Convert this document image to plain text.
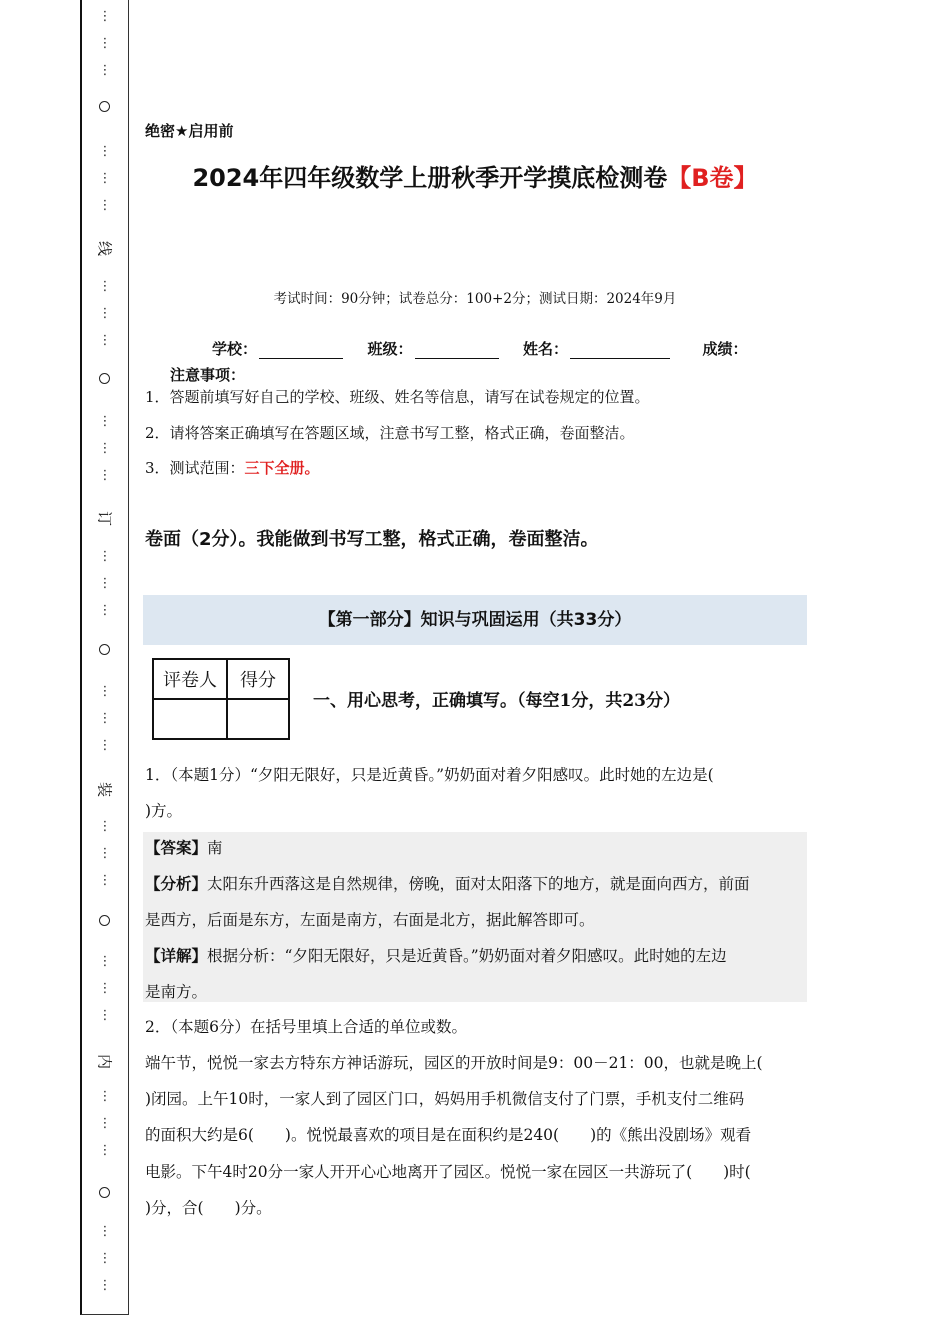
⋮
⋮
⋮
⋮
⋮
⋮
⋮
⋮
⋮
⋮
⋮
⋮
⋮
⋮
⋮
⋮
⋮
⋮
⋮
⋮
⋮
⋮
⋮
⋮
⋮
⋮
⋮
⋮
⋮
⋮
线
订
装
内
绝密★启用前
2024年四年级数学上册秋季开学摸底检测卷【B卷】
考试时间：90分钟；试卷总分：100+2分；测试日期：2024年9月
学校：	班级：	姓名：	成绩：
注意事项：
1．答题前填写好自己的学校、班级、姓名等信息，请写在试卷规定的位置。
2．请将答案正确填写在答题区域，注意书写工整，格式正确，卷面整洁。
3．测试范围：三下全册。
卷面（2分）。我能做到书写工整，格式正确，卷面整洁。
【第一部分】知识与巩固运用（共33分）
评卷人	得分

一、用心思考，正确填写。（每空1分，共23分）
1．（本题1分）“夕阳无限好，只是近黄昏。”奶奶面对着夕阳感叹。此时她的左边是(
)方。
【答案】南
【分析】太阳东升西落这是自然规律，傍晚，面对太阳落下的地方，就是面向西方，前面
是西方，后面是东方，左面是南方，右面是北方，据此解答即可。
【详解】根据分析：“夕阳无限好，只是近黄昏。”奶奶面对着夕阳感叹。此时她的左边
是南方。
2．（本题6分）在括号里填上合适的单位或数。
端午节，悦悦一家去方特东方神话游玩，园区的开放时间是9：00－21：00，也就是晚上(
)闭园。上午10时，一家人到了园区门口，妈妈用手机微信支付了门票，手机支付二维码
的面积大约是6(　　)。悦悦最喜欢的项目是在面积约是240(　　)的《熊出没剧场》观看
电影。下午4时20分一家人开开心心地离开了园区。悦悦一家在园区一共游玩了(　　)时(
)分，合(　　)分。
